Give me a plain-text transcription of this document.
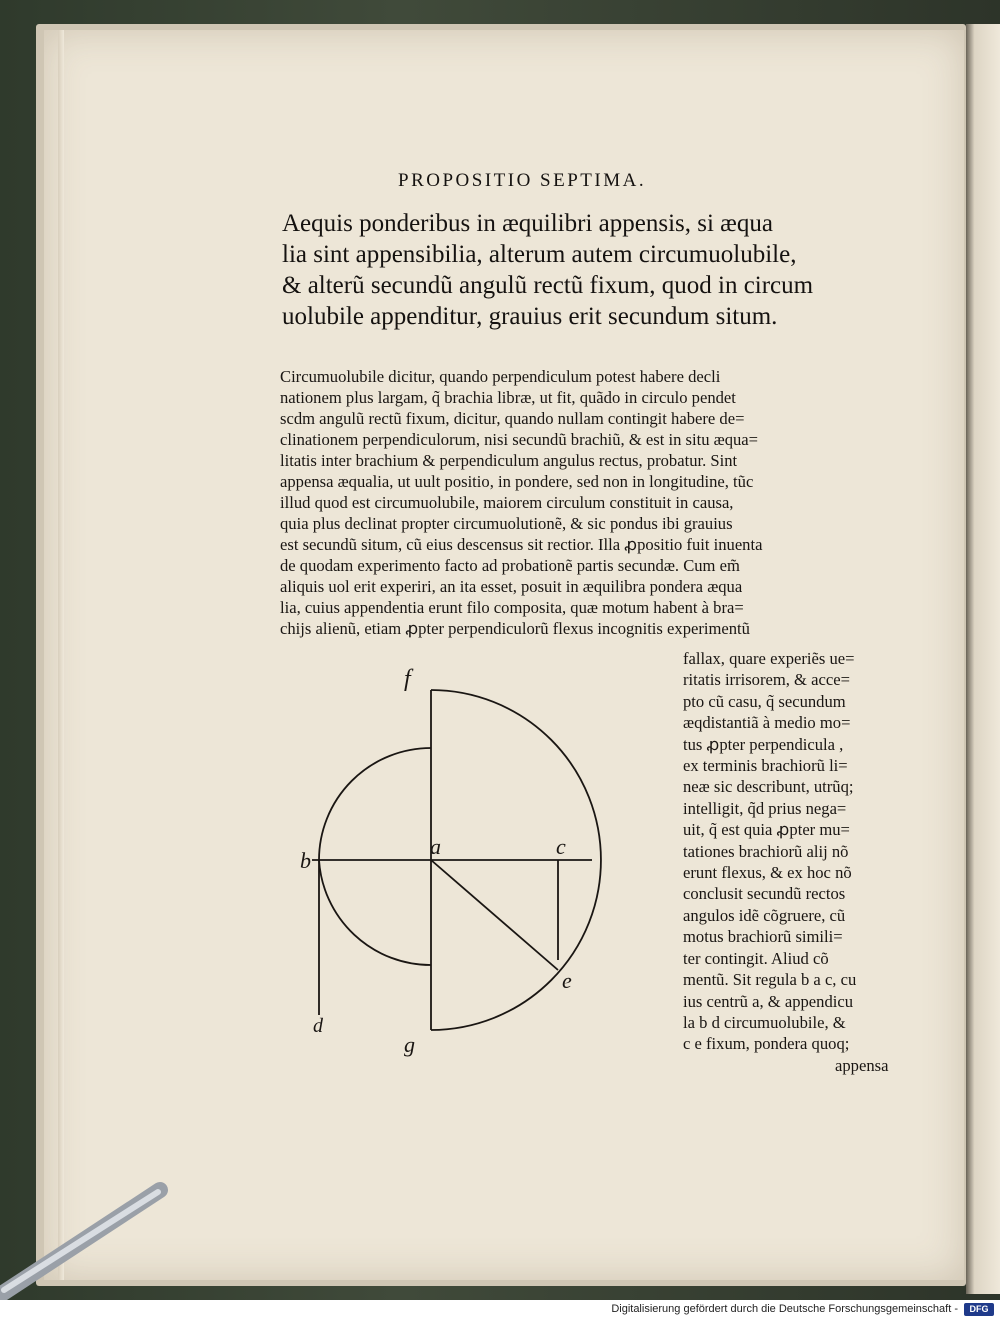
PROPOSITIO SEPTIMA.
Aequis ponderibus in æquilibri appensis, si æqua
lia sint appensibilia, alterum autem circumuolubile,
& alterũ secundũ angulũ rectũ fixum, quod in circum
uolubile appenditur, grauius erit secundum situm.
Circumuolubile dicitur, quando perpendiculum potest habere decli
nationem plus largam, q̃ brachia libræ, ut fit, quãdo in circulo pendet
scdm angulũ rectũ fixum, dicitur, quando nullam contingit habere de=
clinationem perpendiculorum, nisi secundũ brachiũ, & est in situ æqua=
litatis inter brachium & perpendiculum angulus rectus, probatur. Sint
appensa æqualia, ut uult positio, in pondere, sed non in longitudine, tũc
illud quod est circumuolubile, maiorem circulum constituit in causa,
quia plus declinat propter circumuolutionẽ, & sic pondus ibi grauius
est secundũ situm, cũ eius descensus sit rectior. Illa ꝓpositio fuit inuenta
de quodam experimento facto ad probationẽ partis secundæ. Cum em̃
aliquis uol erit experiri, an ita esset, posuit in æquilibra pondera æqua
lia, cuius appendentia erunt filo composita, quæ motum habent à bra=
chijs alienũ, etiam ꝓpter perpendiculorũ flexus incognitis experimentũ
fallax, quare experiẽs ue=
ritatis irrisorem, & acce=
pto cũ casu, q̃ secundum
æqdistantiã à medio mo=
tus ꝓpter perpendicula ,
ex terminis brachiorũ li=
neæ sic describunt, utrũq;
intelligit, q̃d prius nega=
uit, q̃ est quia ꝓpter mu=
tationes brachiorũ alij nõ
erunt flexus, & ex hoc nõ
conclusit secundũ rectos
angulos idẽ cõgruere, cũ
motus brachiorũ simili=
ter contingit. Aliud cõ
mentũ. Sit regula b a c, cu
ius centrũ a, & appendicu
la b d circumuolubile, &
c e fixum, pondera quoq;
appensa
f
b
a	c
e
d
g
Digitalisierung gefördert durch die Deutsche Forschungsgemeinschaft -	DFG
